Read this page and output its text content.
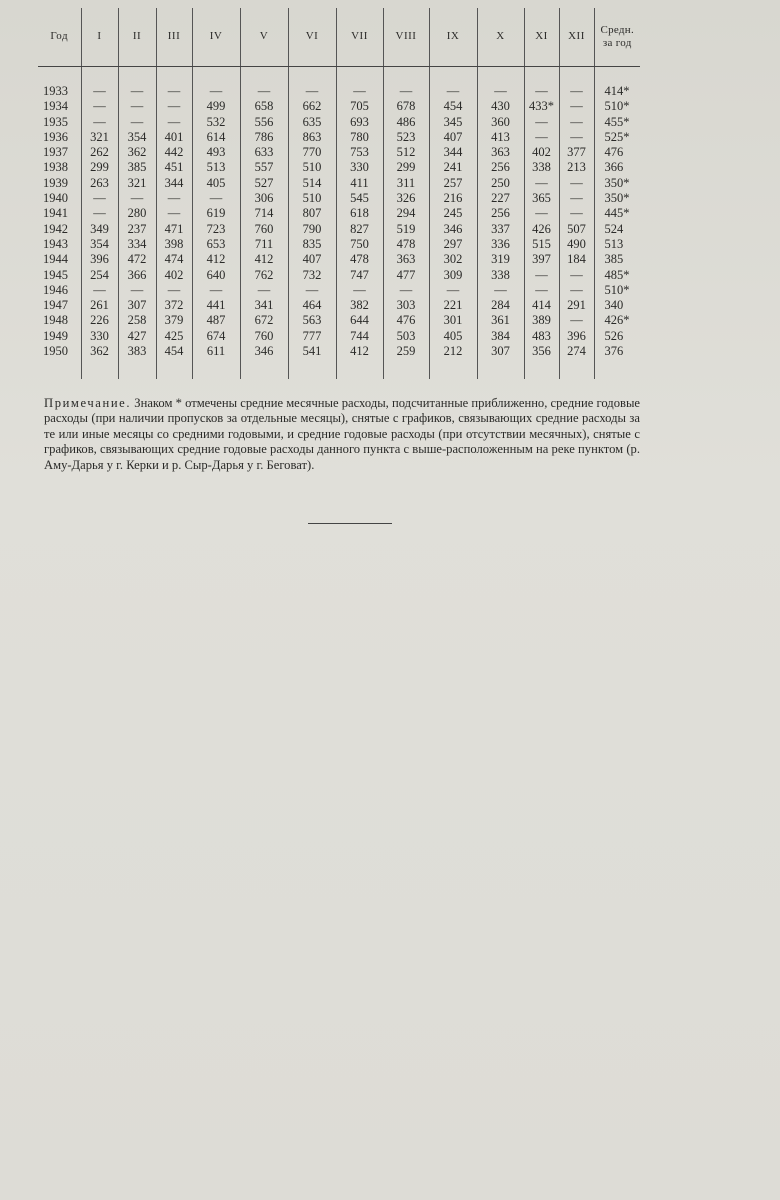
Год	I	II	III	IV	V	VI	VII	VIII	IX	X	XI	XII	Средн. за год

1933	—	—	—	—	—	—	—	—	—	—	—	—	414*
1934	—	—	—	499	658	662	705	678	454	430	433*	—	510*
1935	—	—	—	532	556	635	693	486	345	360	—	—	455*
1936	321	354	401	614	786	863	780	523	407	413	—	—	525*
1937	262	362	442	493	633	770	753	512	344	363	402	377	476
1938	299	385	451	513	557	510	330	299	241	256	338	213	366
1939	263	321	344	405	527	514	411	311	257	250	—	—	350*
1940	—	—	—	—	306	510	545	326	216	227	365	—	350*
1941	—	280	—	619	714	807	618	294	245	256	—	—	445*
1942	349	237	471	723	760	790	827	519	346	337	426	507	524
1943	354	334	398	653	711	835	750	478	297	336	515	490	513
1944	396	472	474	412	412	407	478	363	302	319	397	184	385
1945	254	366	402	640	762	732	747	477	309	338	—	—	485*
1946	—	—	—	—	—	—	—	—	—	—	—	—	510*
1947	261	307	372	441	341	464	382	303	221	284	414	291	340
1948	226	258	379	487	672	563	644	476	301	361	389	—	426*
1949	330	427	425	674	760	777	744	503	405	384	483	396	526
1950	362	383	454	611	346	541	412	259	212	307	356	274	376

Примечание. Знаком * отмечены средние месячные расходы, подсчитанные приближенно, средние годовые расходы (при наличии пропусков за отдельные месяцы), снятые с графиков, связывающих средние расходы за те или иные месяцы со средними годовыми, и средние годовые расходы (при отсутствии месячных), снятые с графиков, связывающих средние годовые расходы данного пункта с выше-расположенным на реке пунктом (р. Аму-Дарья у г. Керки и р. Сыр-Дарья у г. Беговат).
